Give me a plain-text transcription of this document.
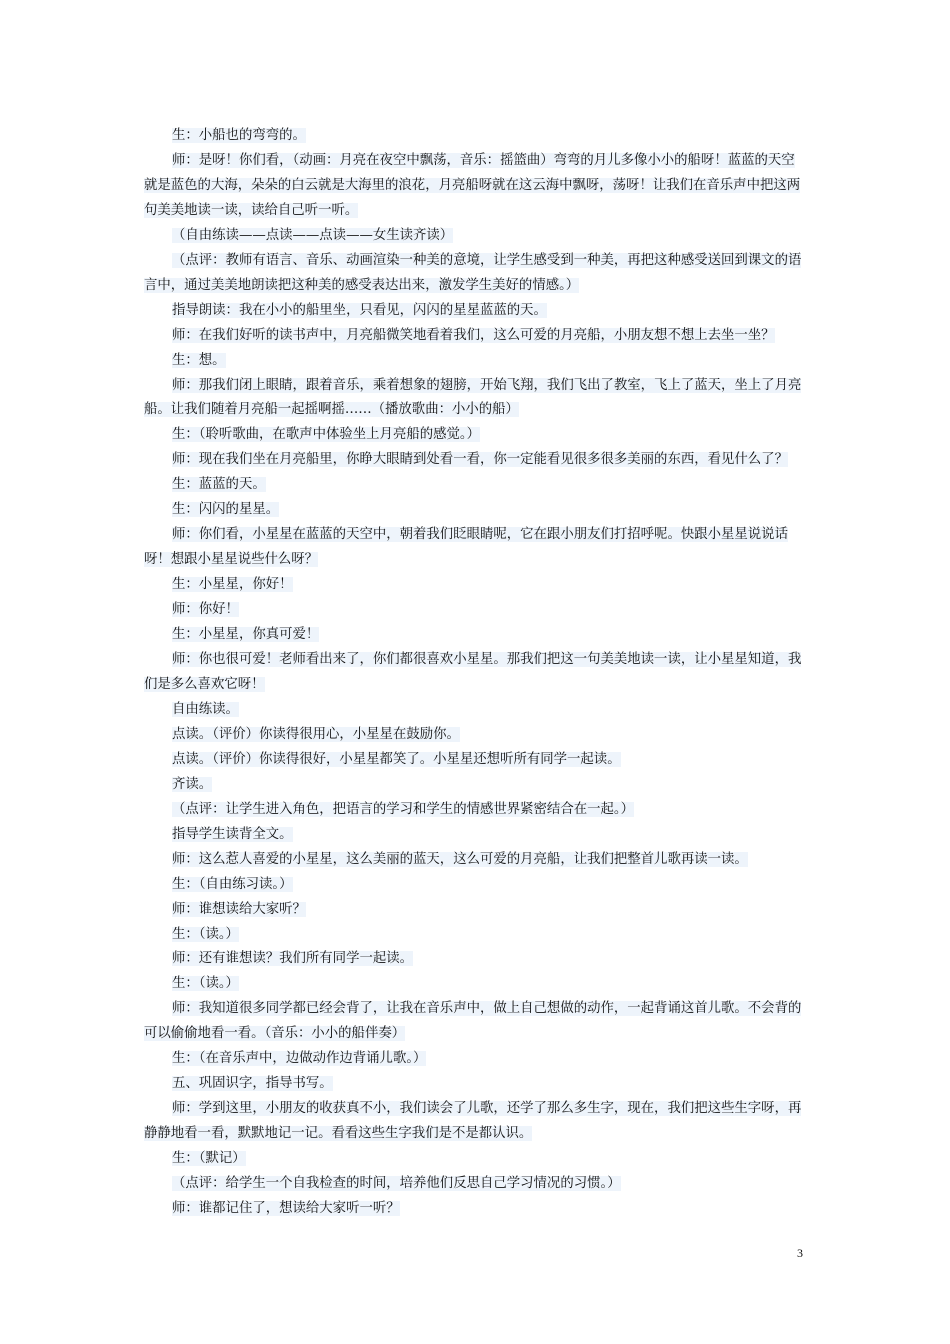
生：小船也的弯弯的。

师：是呀！你们看，（动画：月亮在夜空中飘荡，音乐：摇篮曲）弯弯的月儿多像小小的船呀！蓝蓝的天空就是蓝色的大海，朵朵的白云就是大海里的浪花，月亮船呀就在这云海中飘呀，荡呀！让我们在音乐声中把这两句美美地读一读，读给自己听一听。

（自由练读——点读——点读——女生读齐读）

（点评：教师有语言、音乐、动画渲染一种美的意境，让学生感受到一种美，再把这种感受送回到课文的语言中，通过美美地朗读把这种美的感受表达出来，激发学生美好的情感。）

指导朗读：我在小小的船里坐，只看见，闪闪的星星蓝蓝的天。

师：在我们好听的读书声中，月亮船微笑地看着我们，这么可爱的月亮船，小朋友想不想上去坐一坐？

生：想。

师：那我们闭上眼睛，跟着音乐，乘着想象的翅膀，开始飞翔，我们飞出了教室，飞上了蓝天，坐上了月亮船。让我们随着月亮船一起摇啊摇……（播放歌曲：小小的船）

生：（聆听歌曲，在歌声中体验坐上月亮船的感觉。）

师：现在我们坐在月亮船里，你睁大眼睛到处看一看，你一定能看见很多很多美丽的东西，看见什么了？

生：蓝蓝的天。

生：闪闪的星星。

师：你们看，小星星在蓝蓝的天空中，朝着我们眨眼睛呢，它在跟小朋友们打招呼呢。快跟小星星说说话呀！想跟小星星说些什么呀？

生：小星星，你好！

师：你好！

生：小星星，你真可爱！

师：你也很可爱！老师看出来了，你们都很喜欢小星星。那我们把这一句美美地读一读，让小星星知道，我们是多么喜欢它呀！

自由练读。

点读。（评价）你读得很用心，小星星在鼓励你。

点读。（评价）你读得很好，小星星都笑了。小星星还想听所有同学一起读。

齐读。

（点评：让学生进入角色，把语言的学习和学生的情感世界紧密结合在一起。）

指导学生读背全文。

师：这么惹人喜爱的小星星，这么美丽的蓝天，这么可爱的月亮船，让我们把整首儿歌再读一读。

生：（自由练习读。）

师：谁想读给大家听？

生：（读。）

师：还有谁想读？我们所有同学一起读。

生：（读。）

师：我知道很多同学都已经会背了，让我在音乐声中，做上自己想做的动作，一起背诵这首儿歌。不会背的可以偷偷地看一看。（音乐：小小的船伴奏）

生：（在音乐声中，边做动作边背诵儿歌。）

五、巩固识字，指导书写。

师：学到这里，小朋友的收获真不小，我们读会了儿歌，还学了那么多生字，现在，我们把这些生字呀，再静静地看一看，默默地记一记。看看这些生字我们是不是都认识。

生：（默记）

（点评：给学生一个自我检查的时间，培养他们反思自己学习情况的习惯。）

师：谁都记住了，想读给大家听一听？

3
